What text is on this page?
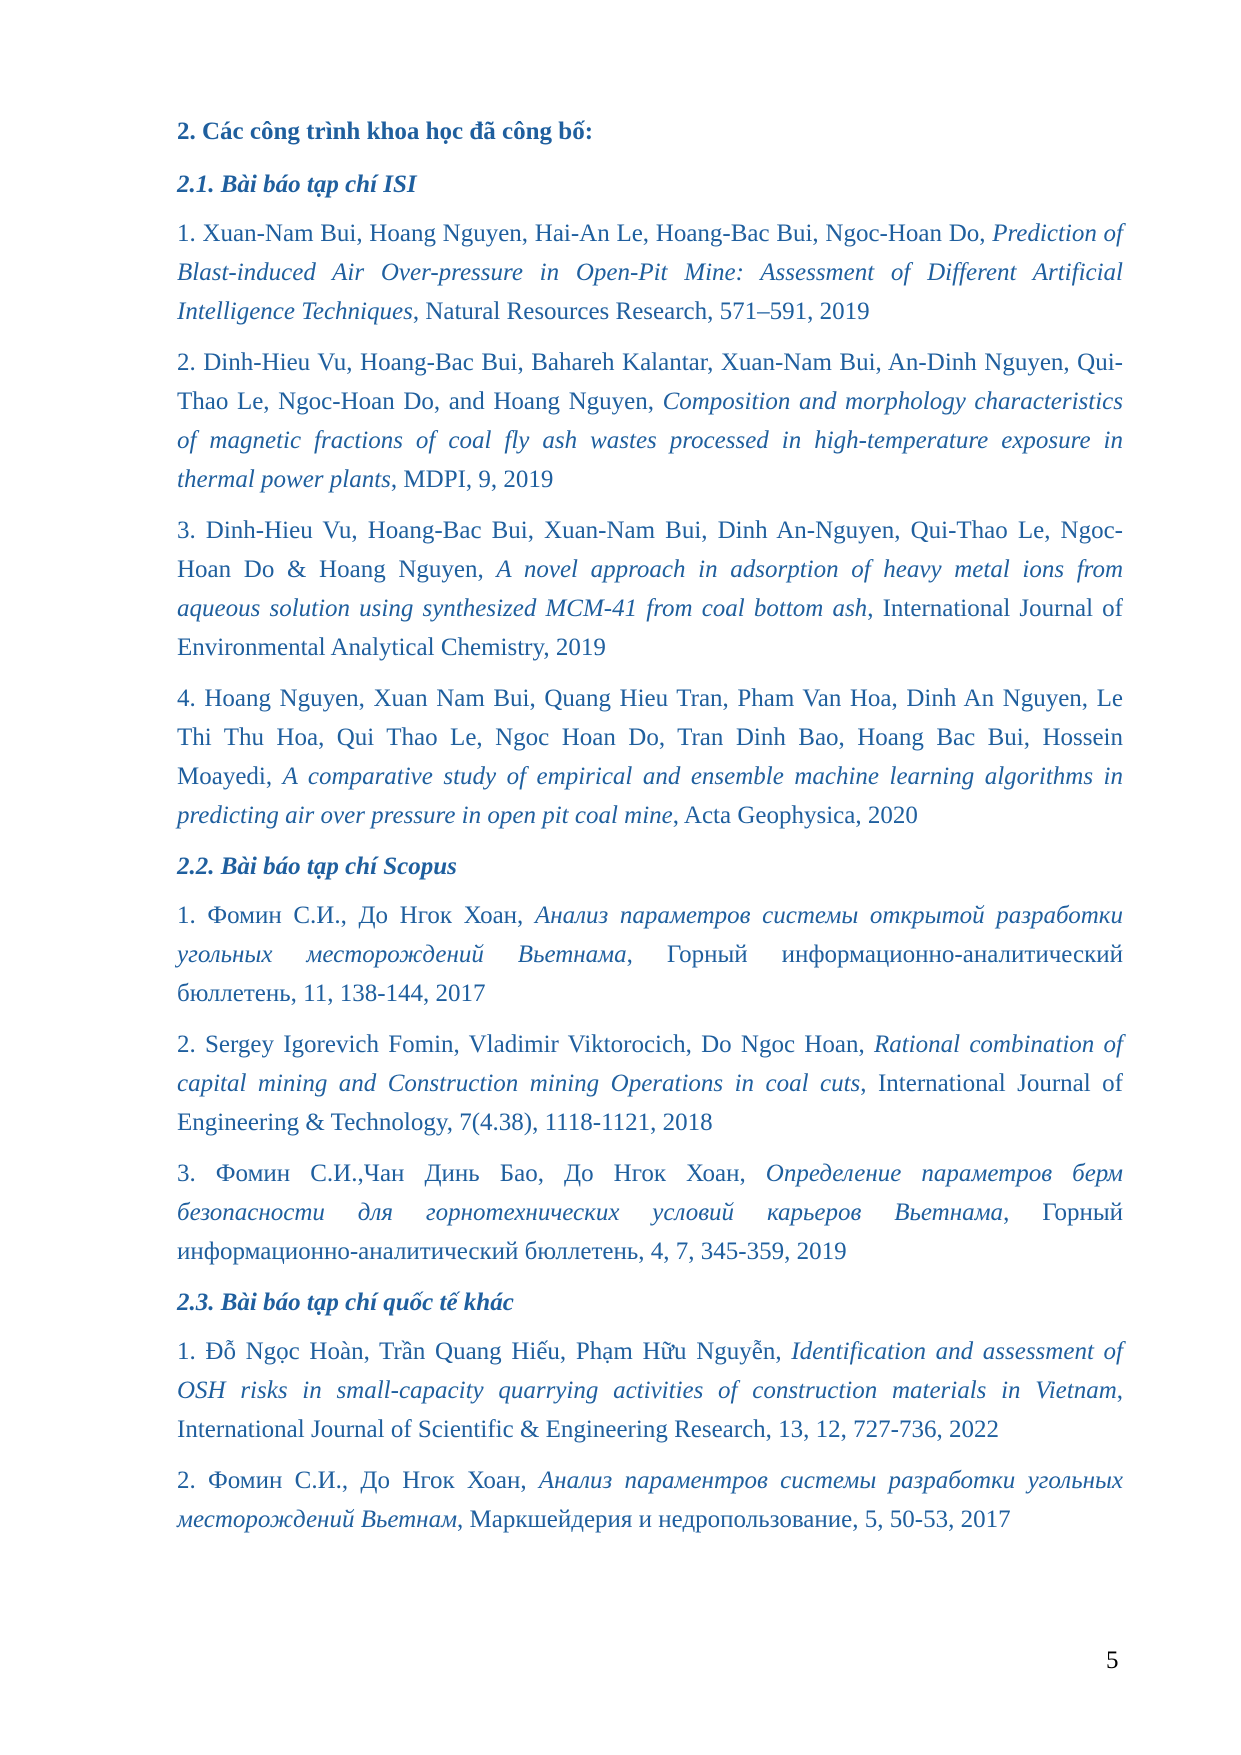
2. Các công trình khoa học đã công bố:
2.1. Bài báo tạp chí ISI
1. Xuan-Nam Bui, Hoang Nguyen, Hai-An Le, Hoang-Bac Bui, Ngoc-Hoan Do, Prediction of Blast-induced Air Over-pressure in Open-Pit Mine: Assessment of Different Artificial Intelligence Techniques, Natural Resources Research, 571–591, 2019
2. Dinh-Hieu Vu, Hoang-Bac Bui, Bahareh Kalantar, Xuan-Nam Bui, An-Dinh Nguyen, Qui-Thao Le, Ngoc-Hoan Do, and Hoang Nguyen, Composition and morphology characteristics of magnetic fractions of coal fly ash wastes processed in high-temperature exposure in thermal power plants, MDPI, 9, 2019
3. Dinh-Hieu Vu, Hoang-Bac Bui, Xuan-Nam Bui, Dinh An-Nguyen, Qui-Thao Le, Ngoc-Hoan Do & Hoang Nguyen, A novel approach in adsorption of heavy metal ions from aqueous solution using synthesized MCM-41 from coal bottom ash, International Journal of Environmental Analytical Chemistry, 2019
4. Hoang Nguyen, Xuan Nam Bui, Quang Hieu Tran, Pham Van Hoa, Dinh An Nguyen, Le Thi Thu Hoa, Qui Thao Le, Ngoc Hoan Do, Tran Dinh Bao, Hoang Bac Bui, Hossein Moayedi, A comparative study of empirical and ensemble machine learning algorithms in predicting air over pressure in open pit coal mine, Acta Geophysica, 2020
2.2. Bài báo tạp chí Scopus
1. Фомин С.И., До Нгок Хоан, Анализ параметров системы открытой разработки угольных месторождений Вьетнама, Горный информационно-аналитический бюллетень, 11, 138-144, 2017
2. Sergey Igorevich Fomin, Vladimir Viktorocich, Do Ngoc Hoan, Rational combination of capital mining and Construction mining Operations in coal cuts, International Journal of Engineering & Technology, 7(4.38), 1118-1121, 2018
3. Фомин С.И.,Чан Динь Бао, До Нгок Хоан, Определение параметров берм безопасности для горнотехнических условий карьеров Вьетнама, Горный информационно-аналитический бюллетень, 4, 7, 345-359, 2019
2.3. Bài báo tạp chí quốc tế khác
1. Đỗ Ngọc Hoàn, Trần Quang Hiếu, Phạm Hữu Nguyễn, Identification and assessment of OSH risks in small-capacity quarrying activities of construction materials in Vietnam, International Journal of Scientific & Engineering Research, 13, 12, 727-736, 2022
2. Фомин С.И., До Нгок Хоан, Анализ параментров системы разработки угольных месторождений Вьетнам, Маркшейдерия и недропользование, 5, 50-53, 2017
5
